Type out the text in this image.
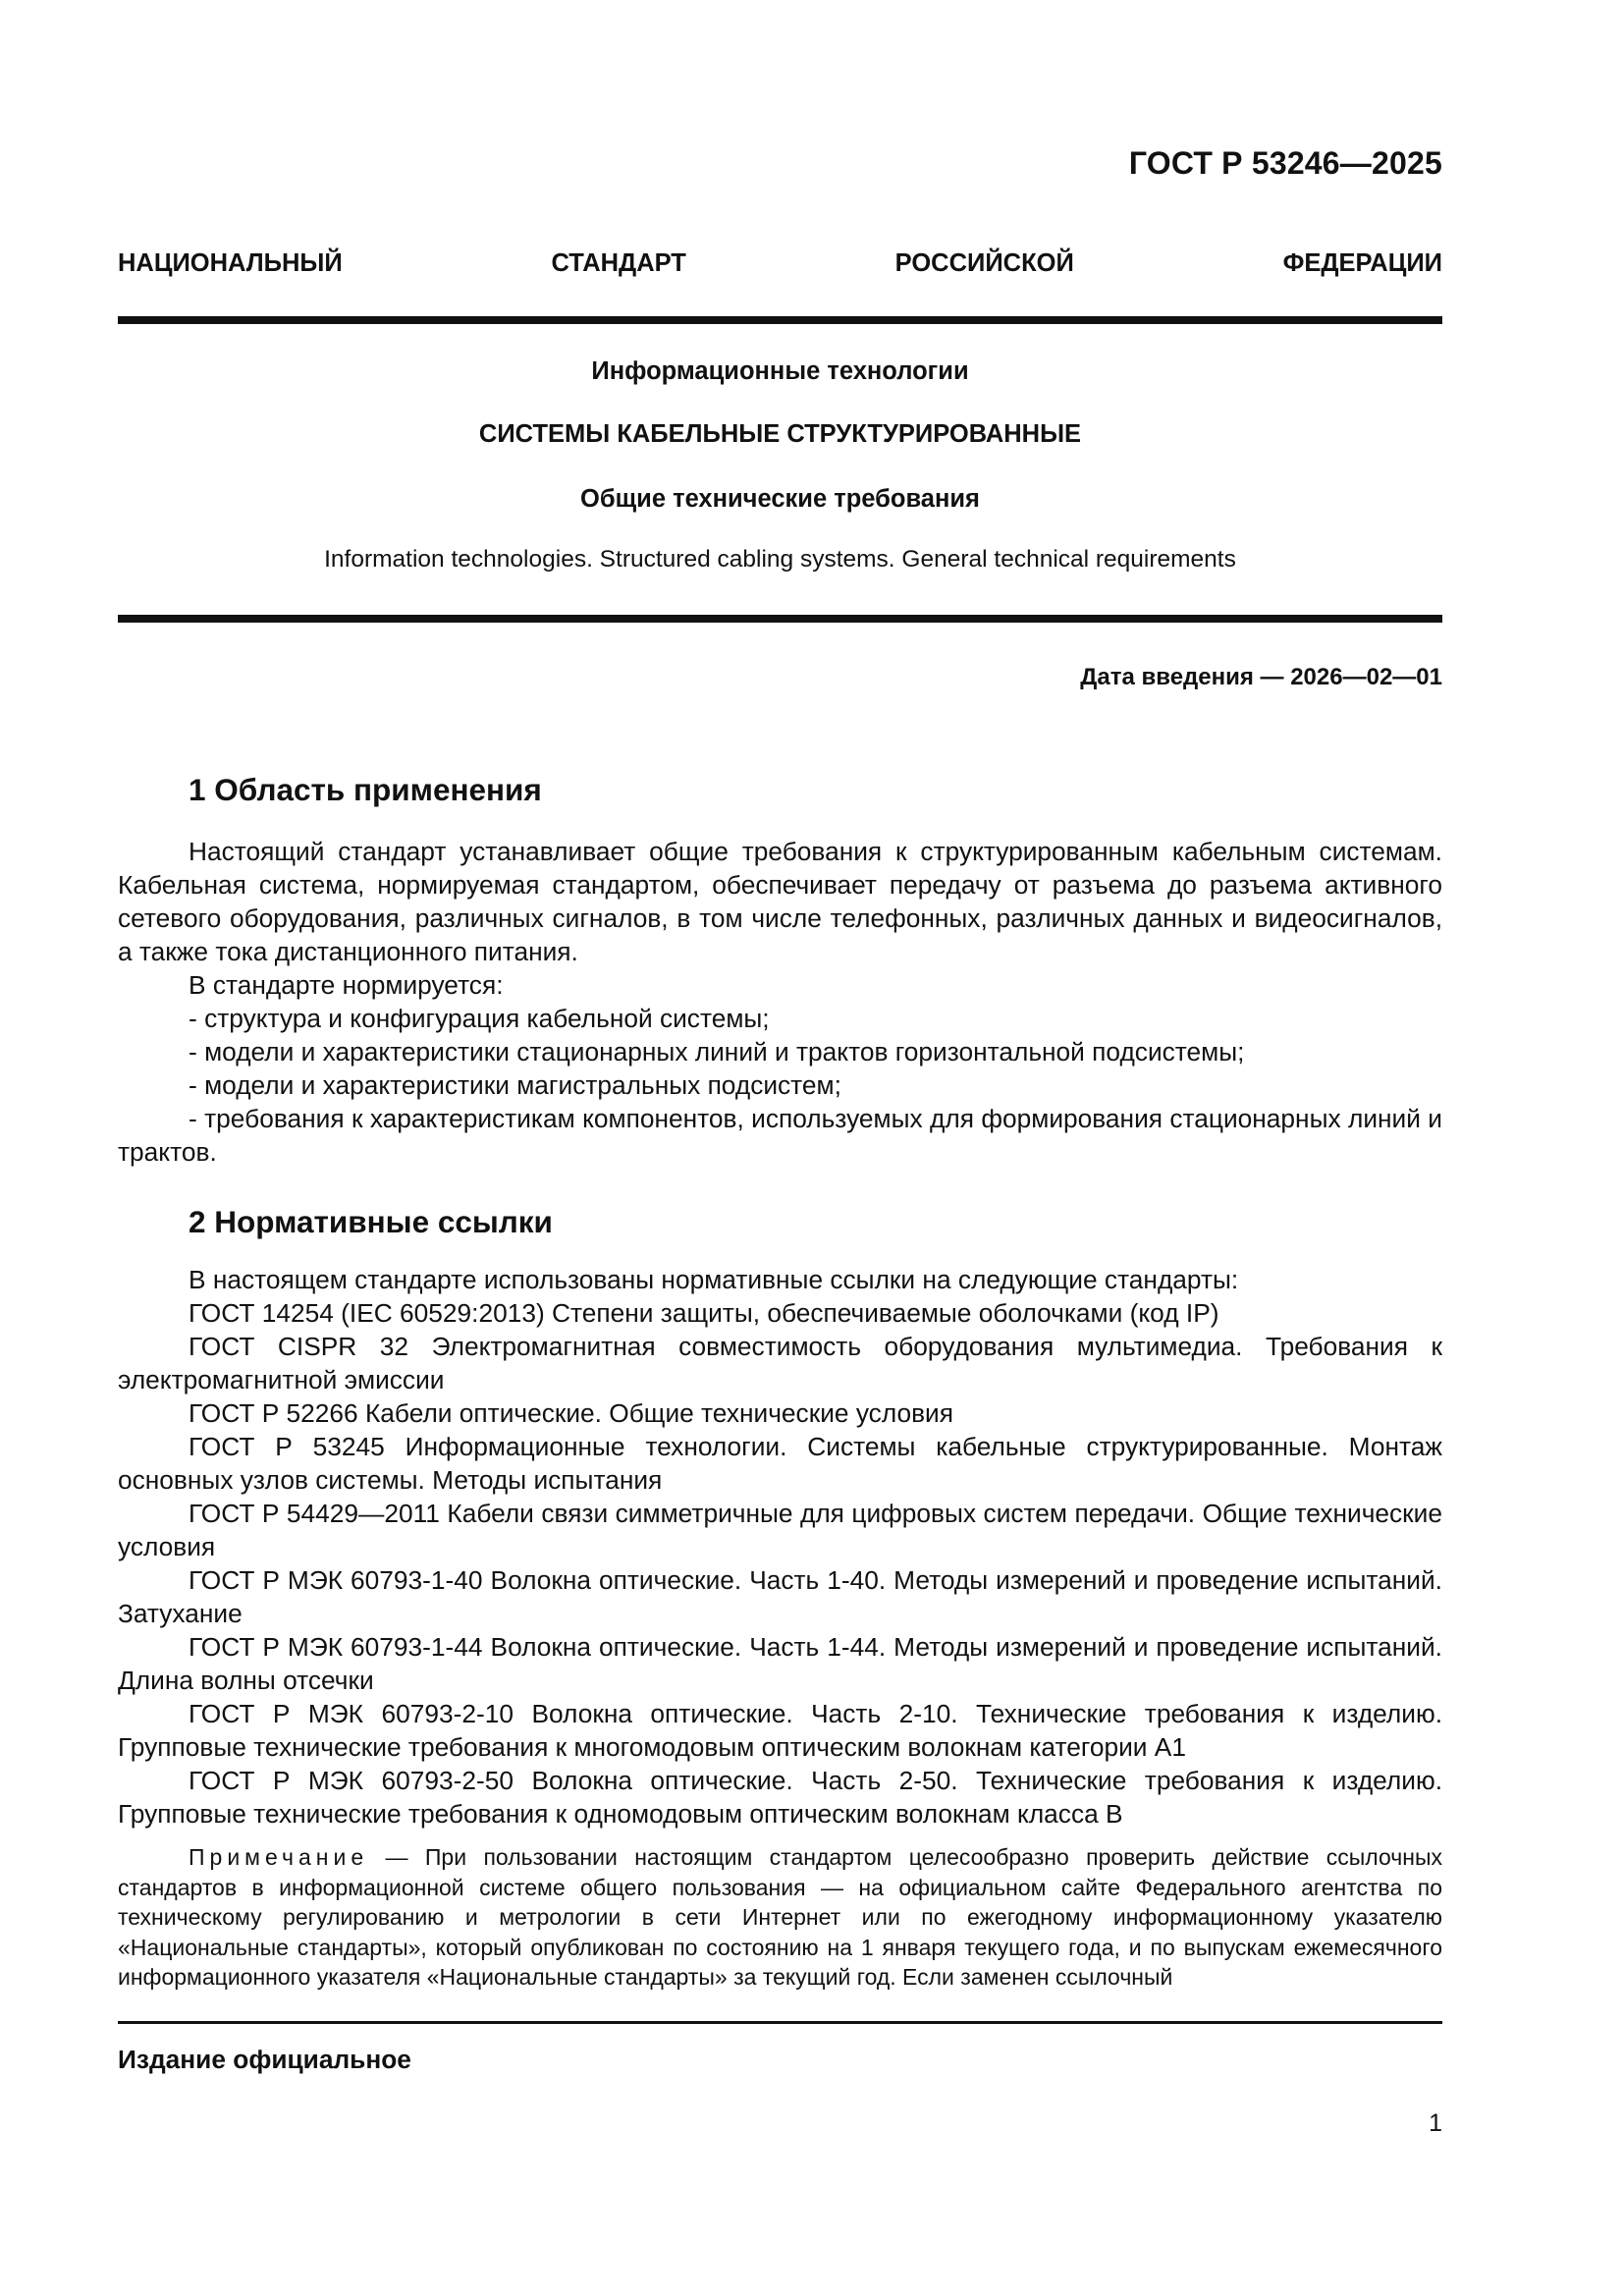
ГОСТ Р 53246—2025
НАЦИОНАЛЬНЫЙ СТАНДАРТ РОССИЙСКОЙ ФЕДЕРАЦИИ
Информационные технологии
СИСТЕМЫ КАБЕЛЬНЫЕ СТРУКТУРИРОВАННЫЕ
Общие технические требования
Information technologies. Structured cabling systems. General technical requirements
Дата введения — 2026—02—01
1 Область применения

Настоящий стандарт устанавливает общие требования к структурированным кабельным системам. Кабельная система, нормируемая стандартом, обеспечивает передачу от разъема до разъема активного сетевого оборудования, различных сигналов, в том числе телефонных, различных данных и видеосигналов, а также тока дистанционного питания.

В стандарте нормируется:

- структура и конфигурация кабельной системы;

- модели и характеристики стационарных линий и трактов горизонтальной подсистемы;

- модели и характеристики магистральных подсистем;

- требования к характеристикам компонентов, используемых для формирования стационарных линий и трактов.

2 Нормативные ссылки

В настоящем стандарте использованы нормативные ссылки на следующие стандарты:

ГОСТ 14254 (IEC 60529:2013) Степени защиты, обеспечиваемые оболочками (код IP)

ГОСТ CISPR 32 Электромагнитная совместимость оборудования мультимедиа. Требования к электромагнитной эмиссии

ГОСТ Р 52266 Кабели оптические. Общие технические условия

ГОСТ Р 53245 Информационные технологии. Системы кабельные структурированные. Монтаж основных узлов системы. Методы испытания

ГОСТ Р 54429—2011 Кабели связи симметричные для цифровых систем передачи. Общие технические условия

ГОСТ Р МЭК 60793-1-40 Волокна оптические. Часть 1-40. Методы измерений и проведение испытаний. Затухание

ГОСТ Р МЭК 60793-1-44 Волокна оптические. Часть 1-44. Методы измерений и проведение испытаний. Длина волны отсечки

ГОСТ Р МЭК 60793-2-10 Волокна оптические. Часть 2-10. Технические требования к изделию. Групповые технические требования к многомодовым оптическим волокнам категории А1

ГОСТ Р МЭК 60793-2-50 Волокна оптические. Часть 2-50. Технические требования к изделию. Групповые технические требования к одномодовым оптическим волокнам класса В

Примечание — При пользовании настоящим стандартом целесообразно проверить действие ссылочных стандартов в информационной системе общего пользования — на официальном сайте Федерального агентства по техническому регулированию и метрологии в сети Интернет или по ежегодному информационному указателю «Национальные стандарты», который опубликован по состоянию на 1 января текущего года, и по выпускам ежемесячного информационного указателя «Национальные стандарты» за текущий год. Если заменен ссылочный

Издание официальное
1
